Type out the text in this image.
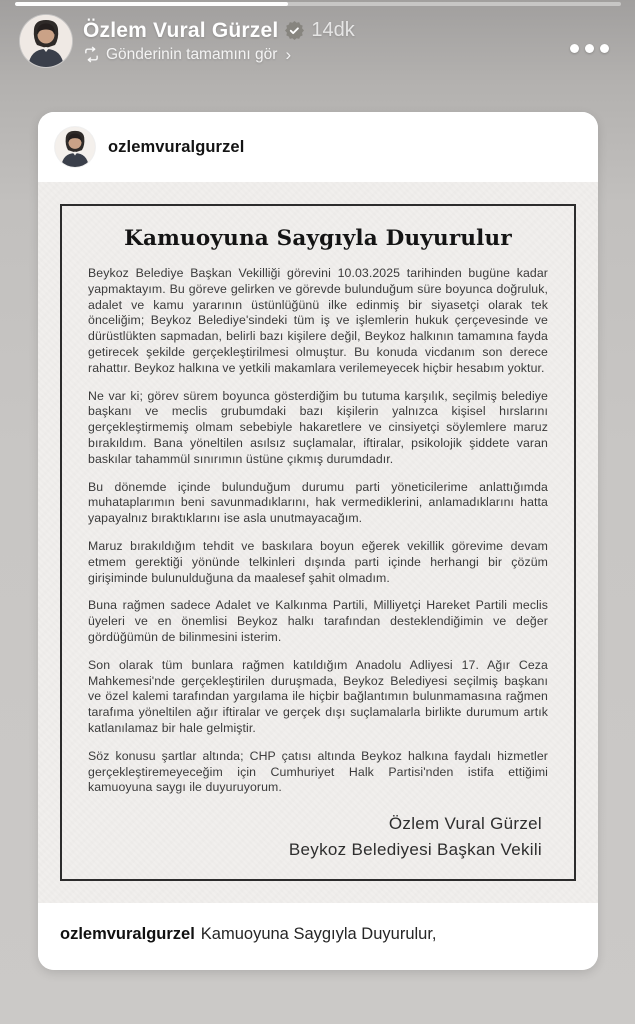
Özlem Vural Gürzel 14dk
Gönderinin tamamını gör ›
ozlemvuralgurzel
Kamuoyuna Saygıyla Duyurulur

Beykoz Belediye Başkan Vekilliği görevini 10.03.2025 tarihinden bugüne kadar yapmaktayım. Bu göreve gelirken ve görevde bulunduğum süre boyunca doğruluk, adalet ve kamu yararının üstünlüğünü ilke edinmiş bir siyasetçi olarak tek önceliğim; Beykoz Belediye'sindeki tüm iş ve işlemlerin hukuk çerçevesinde ve dürüstlükten sapmadan, belirli bazı kişilere değil, Beykoz halkının tamamına fayda getirecek şekilde gerçekleştirilmesi olmuştur. Bu konuda vicdanım son derece rahattır. Beykoz halkına ve yetkili makamlara verilemeyecek hiçbir hesabım yoktur.

Ne var ki; görev sürem boyunca gösterdiğim bu tutuma karşılık, seçilmiş belediye başkanı ve meclis grubumdaki bazı kişilerin yalnızca kişisel hırslarını gerçekleştirmemiş olmam sebebiyle hakaretlere ve cinsiyetçi söylemlere maruz bırakıldım. Bana yöneltilen asılsız suçlamalar, iftiralar, psikolojik şiddete varan baskılar tahammül sınırımın üstüne çıkmış durumdadır.

Bu dönemde içinde bulunduğum durumu parti yöneticilerime anlattığımda muhataplarımın beni savunmadıklarını, hak vermediklerini, anlamadıklarını hatta yapayalnız bıraktıklarını ise asla unutmayacağım.

Maruz bırakıldığım tehdit ve baskılara boyun eğerek vekillik görevime devam etmem gerektiği yönünde telkinleri dışında parti içinde herhangi bir çözüm girişiminde bulunulduğuna da maalesef şahit olmadım.

Buna rağmen sadece Adalet ve Kalkınma Partili, Milliyetçi Hareket Partili meclis üyeleri ve en önemlisi Beykoz halkı tarafından desteklendiğimin ve değer gördüğümün de bilinmesini isterim.

Son olarak tüm bunlara rağmen katıldığım Anadolu Adliyesi 17. Ağır Ceza Mahkemesi'nde gerçekleştirilen duruşmada, Beykoz Belediyesi seçilmiş başkanı ve özel kalemi tarafından yargılama ile hiçbir bağlantımın bulunmamasına rağmen tarafıma yöneltilen ağır iftiralar ve gerçek dışı suçlamalarla birlikte durumum artık katlanılamaz bir hale gelmiştir.

Söz konusu şartlar altında; CHP çatısı altında Beykoz halkına faydalı hizmetler gerçekleştiremeyeceğim için Cumhuriyet Halk Partisi'nden istifa ettiğimi kamuoyuna saygı ile duyuruyorum.

Özlem Vural Gürzel
Beykoz Belediyesi Başkan Vekili
ozlemvuralgurzel Kamuoyuna Saygıyla Duyurulur,
